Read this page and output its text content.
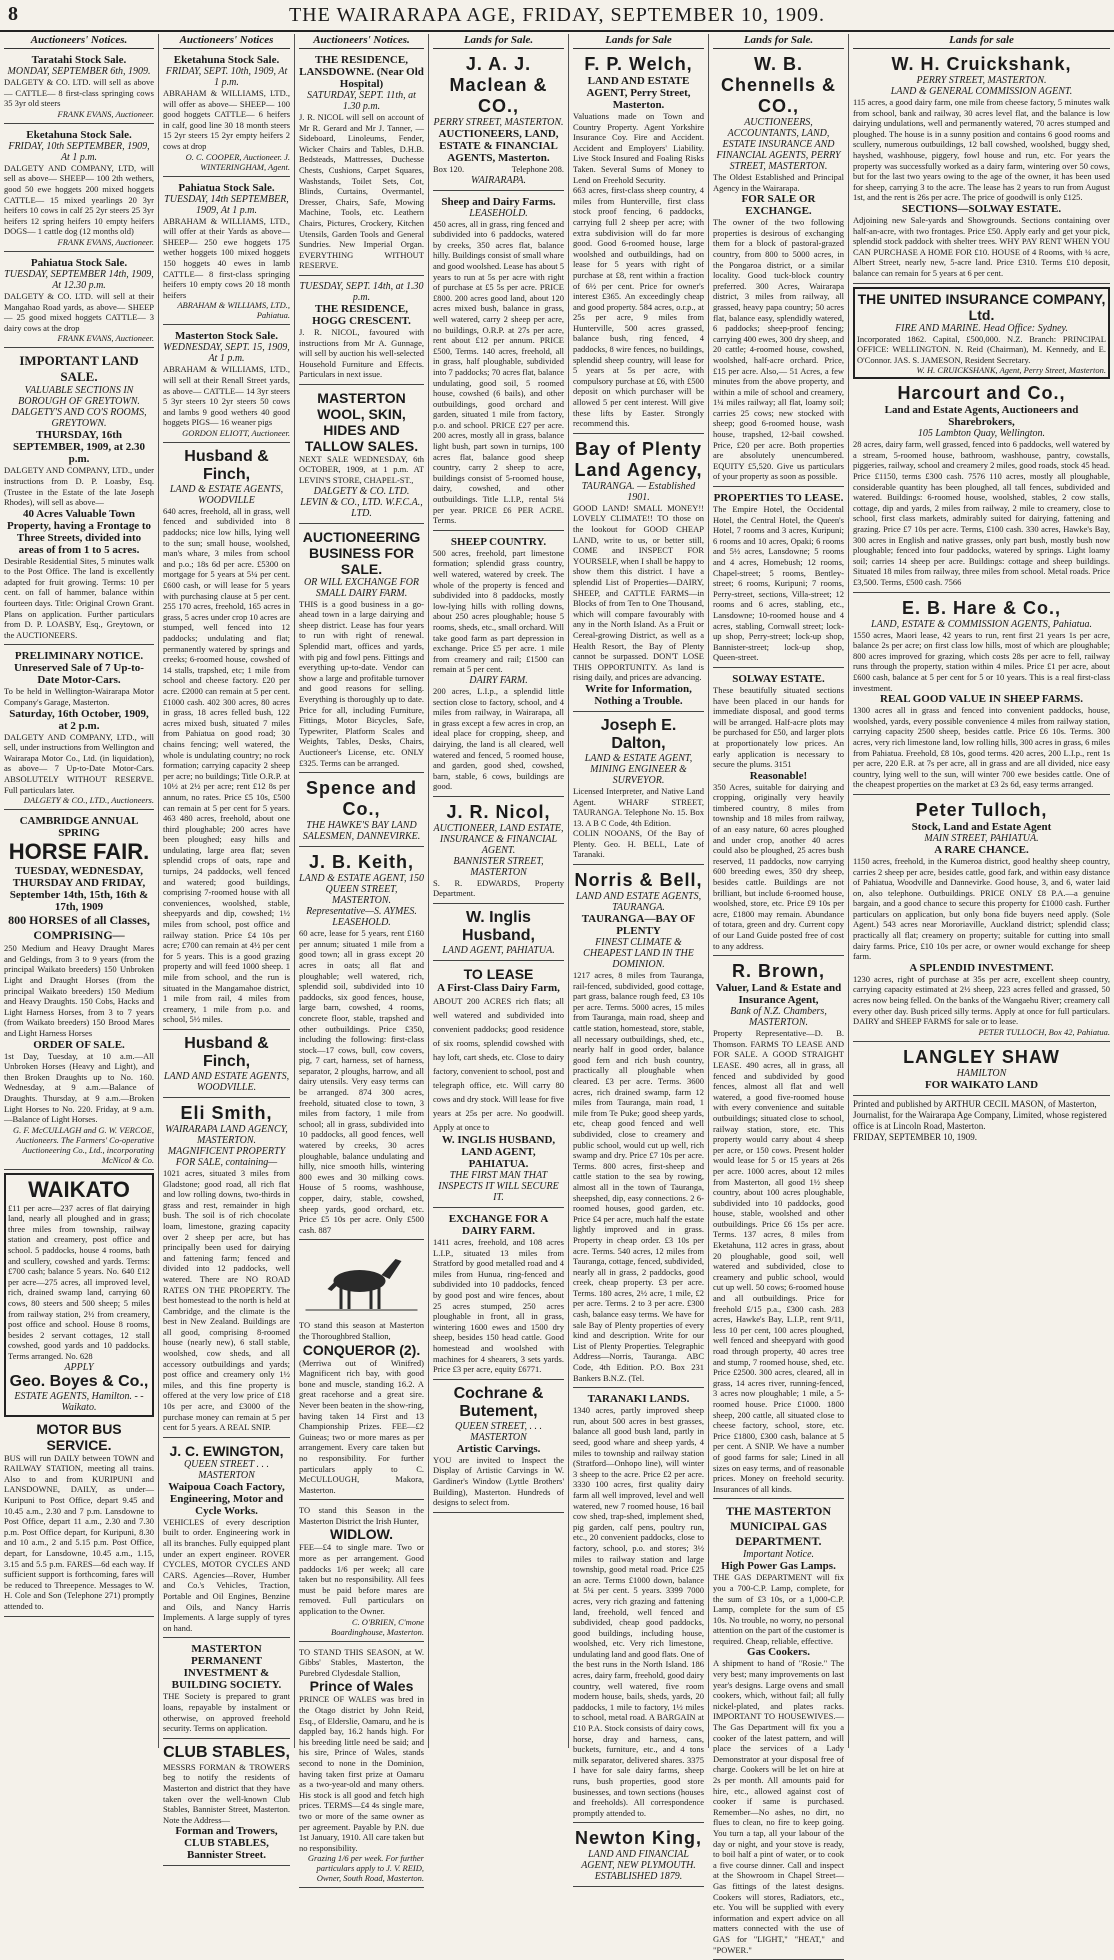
8	THE WAIRARAPA AGE, FRIDAY, SEPTEMBER 10, 1909.
Auctioneers' Notices.
Taratahi Stock Sale.
MONDAY, SEPTEMBER 6th, 1909.
DALGETY & CO. LTD. will sell as above— CATTLE— 8 first-class springing cows 35 3yr old steers
FRANK EVANS, Auctioneer.
Eketahuna Stock Sale.
FRIDAY, 10th SEPTEMBER, 1909, At 1 p.m.
DALGETY AND COMPANY, LTD, will sell as above— SHEEP— 100 2th wethers, good 50 ewe hoggets 200 mixed hoggets CATTLE— 15 mixed yearlings 20 3yr heifers 10 cows in calf 25 2yr steers 25 3yr heifers 12 spring heifers 10 empty heifers DOGS— 1 cattle dog (12 months old)
FRANK EVANS, Auctioneer.
Pahiatua Stock Sale.
TUESDAY, SEPTEMBER 14th, 1909, At 12.30 p.m.
DALGETY & CO. LTD. will sell at their Mangahao Road yards, as above— SHEEP— 25 good mixed hoggets CATTLE— 3 dairy cows at the drop
FRANK EVANS, Auctioneer.
IMPORTANT LAND SALE.
VALUABLE SECTIONS IN BOROUGH OF GREYTOWN.
DALGETY'S AND CO'S ROOMS, GREYTOWN.
THURSDAY, 16th SEPTEMBER, 1909, at 2.30 p.m.
DALGETY AND COMPANY, LTD., under instructions from D. P. Loasby, Esq. (Trustee in the Estate of the late Joseph Rhodes), will sell as above—
40 Acres Valuable Town Property, having a Frontage to Three Streets, divided into areas of from 1 to 5 acres.
Desirable Residential Sites, 5 minutes walk to the Post Office. The land is excellently adapted for fruit growing. Terms: 10 per cent. on fall of hammer, balance within fourteen days. Title: Original Crown Grant. Plans on application. Further particulars from D. P. LOASBY, Esq., Greytown, or the AUCTIONEERS.
PRELIMINARY NOTICE.
Unreserved Sale of 7 Up-to-Date Motor-Cars.
To be held in Wellington-Wairarapa Motor Company's Garage, Masterton.
Saturday, 16th October, 1909, at 2 p.m.
DALGETY AND COMPANY, LTD., will sell, under instructions from Wellington and Wairarapa Motor Co., Ltd. (in liquidation), as above— 7 Up-to-Date Motor-Cars. ABSOLUTELY WITHOUT RESERVE. Full particulars later.
DALGETY & CO., LTD., Auctioneers.
CAMBRIDGE ANNUAL SPRING
HORSE FAIR.
TUESDAY, WEDNESDAY, THURSDAY AND FRIDAY, September 14th, 15th, 16th & 17th, 1909
800 HORSES of all Classes, COMPRISING—
250 Medium and Heavy Draught Mares and Geldings, from 3 to 9 years (from the principal Waikato breeders) 150 Unbroken Light and Draught Horses (from the principal Waikato breeders) 150 Medium and Heavy Draughts. 150 Cobs, Hacks and Light Harness Horses, from 3 to 7 years (from Waikato breeders) 150 Brood Mares and Light Harness Horses
ORDER OF SALE.
1st Day, Tuesday, at 10 a.m.—All Unbroken Horses (Heavy and Light), and then Broken Draughts up to No. 160. Wednesday, at 9 a.m.—Balance of Draughts. Thursday, at 9 a.m.—Broken Light Horses to No. 220. Friday, at 9 a.m.—Balance of Light Horses.
G. F. McCULLAGH and G. W. VERCOE, Auctioneers. The Farmers' Co-operative Auctioneering Co., Ltd., incorporating McNicol & Co.
WAIKATO
£11 per acre—237 acres of flat dairying land, nearly all ploughed and in grass; three miles from township, railway station and creamery, post office and school. 5 paddocks, house 4 rooms, bath and scullery, cowshed and yards. Terms: £700 cash; balance 5 years. No. 640 £12 per acre—275 acres, all improved level, rich, drained swamp land, carrying 60 cows, 80 steers and 500 sheep; 5 miles from railway station, 2½ from creamery, post office and school. House 8 rooms, besides 2 servant cottages, 12 stall cowshed, good yards and 10 paddocks. Terms arranged. No. 628
APPLY
Geo. Boyes & Co.,
ESTATE AGENTS, Hamilton. - - Waikato.
MOTOR BUS SERVICE.
BUS will run DAILY between TOWN and RAILWAY STATION, meeting all trains. Also to and from KURIPUNI and LANSDOWNE, DAILY, as under— Kuripuni to Post Office, depart 9.45 and 10.45 a.m., 2.30 and 7 p.m. Lansdowne to Post Office, depart 11 a.m., 2.30 and 7.30 p.m. Post Office depart, for Kuripuni, 8.30 and 10 a.m., 2 and 5.15 p.m. Post Office, depart, for Lansdowne, 10.45 a.m., 1.15, 3.15 and 5.5 p.m. FARES—6d each way. If sufficient support is forthcoming, fares will be reduced to Threepence. Messages to W. H. Cole and Son (Telephone 271) promptly attended to.
Auctioneers' Notices
Eketahuna Stock Sale.
FRIDAY, SEPT. 10th, 1909, At 1 p.m.
ABRAHAM & WILLIAMS, LTD., will offer as above— SHEEP— 100 good hoggets CATTLE— 6 heifers in calf, good line 30 18 month steers 15 2yr steers 15 2yr empty heifers 2 cows at drop
O. C. COOPER, Auctioneer. J. WINTERINGHAM, Agent.
Pahiatua Stock Sale.
TUESDAY, 14th SEPTEMBER, 1909, At 1 p.m.
ABRAHAM & WILLIAMS, LTD., will offer at their Yards as above— SHEEP— 250 ewe hoggets 175 wether hoggets 100 mixed hoggets 150 hoggets 40 ewes in lamb CATTLE— 8 first-class springing heifers 10 empty cows 20 18 month heifers
ABRAHAM & WILLIAMS, LTD., Pahiatua.
Masterton Stock Sale.
WEDNESDAY, SEPT. 15, 1909, At 1 p.m.
ABRAHAM & WILLIAMS, LTD., will sell at their Renall Street yards, as above— CATTLE— 14 3yr steers 5 3yr steers 10 2yr steers 50 cows and lambs 9 good wethers 40 good hoggets PIGS— 16 weaner pigs
GORDON ELIOTT, Auctioneer.
Husband & Finch,
LAND & ESTATE AGENTS, WOODVILLE
640 acres, freehold, all in grass, well fenced and subdivided into 8 paddocks; nice low hills, lying well to the sun; small house, woolshed, man's whare, 3 miles from school and p.o.; 18s 6d per acre. £5300 on mortgage for 5 years at 5¼ per cent. £600 cash, or will lease for 5 years with purchasing clause at 5 per cent. 255 170 acres, freehold, 165 acres in grass, 5 acres under crop 10 acres are stumped, well fenced into 12 paddocks; undulating and flat; permanently watered by springs and creeks; 6-roomed house, cowshed of 14 stalls, trapshed, etc; 1 mile from school and cheese factory. £20 per acre. £2000 can remain at 5 per cent. £1000 cash. 402 300 acres, 80 acres in grass, 18 acres felled bush, 122 acres mixed bush, situated 7 miles from Pahiatua on good road; 30 chains fencing; well watered, the whole is undulating country; no rock formation; carrying capacity 2 sheep per acre; no buildings; Title O.R.P. at 10½ at 2½ per acre; rent £12 8s per annum, no rates. Price £5 10s, £500 can remain at 5 per cent for 5 years. 463 480 acres, freehold, about one third ploughable; 200 acres have been ploughed; easy hills and undulating, large area flat; seven splendid crops of oats, rape and turnips, 24 paddocks, well fenced and watered; good buildings, comprising 7-roomed house with all conveniences, woolshed, stable, sheepyards and dip, cowshed; 1½ miles from school, post office and railway station. Price £4 10s per acre; £700 can remain at 4½ per cent for 5 years. This is a good grazing property and will feed 1000 sheep. 1 mile from school, and the run is situated in the Mangamahoe district, 1 mile from rail, 4 miles from creamery, 1 mile from p.o. and school, 5½ miles.
Husband & Finch,
LAND AND ESTATE AGENTS, WOODVILLE.
Eli Smith,
WAIRARAPA LAND AGENCY, MASTERTON.
MAGNIFICENT PROPERTY FOR SALE, containing—
1021 acres, situated 3 miles from Gladstone; good road, all rich flat and low rolling downs, two-thirds in grass and rest, remainder in high bush. The soil is of rich chocolate loam, limestone, grazing capacity over 2 sheep per acre, but has principally been used for dairying and fattening farm; fenced and divided into 12 paddocks, well watered. There are NO ROAD RATES ON THE PROPERTY. The best homestead to the north is held at Cambridge, and the climate is the best in New Zealand. Buildings are all good, comprising 8-roomed house (nearly new), 6 stall stable, woolshed, cow sheds, and all accessory outbuildings and yards; post office and creamery only 1½ miles, and this fine property is offered at the very low price of £18 10s per acre, and £3000 of the purchase money can remain at 5 per cent for 5 years. A REAL SNIP.
J. C. EWINGTON,
QUEEN STREET . . . MASTERTON
Waipoua Coach Factory, Engineering, Motor and Cycle Works.
VEHICLES of every description built to order. Engineering work in all its branches. Fully equipped plant under an expert engineer. ROVER CYCLES, MOTOR CYCLES AND CARS. Agencies—Rover, Humber and Co.'s Vehicles, Traction, Portable and Oil Engines, Benzine and Oils, and Nancy Harris Implements. A large supply of tyres on hand.
MASTERTON PERMANENT INVESTMENT & BUILDING SOCIETY.
THE Society is prepared to grant loans, repayable by instalment or otherwise, on approved freehold security. Terms on application.
CLUB STABLES,
MESSRS FORMAN & TROWERS beg to notify the residents of Masterton and district that they have taken over the well-known Club Stables, Bannister Street, Masterton. Note the Address—
Forman and Trowers, CLUB STABLES, Bannister Street.
Auctioneers' Notices.
THE RESIDENCE, LANSDOWNE. (Near Old Hospital)
SATURDAY, SEPT. 11th, at 1.30 p.m.
J. R. NICOL will sell on account of Mr R. Gerard and Mr J. Tanner, —Sideboard, Linoleums, Fender, Wicker Chairs and Tables, D.H.B. Bedsteads, Mattresses, Duchesse Chests, Cushions, Carpet Squares, Washstands, Toilet Sets, Cot, Blinds, Curtains, Overmantel, Dresser, Chairs, Safe, Mowing Machine, Tools, etc. Leathern Chairs, Pictures, Crockery, Kitchen Utensils, Garden Tools and General Sundries. New Imperial Organ. EVERYTHING WITHOUT RESERVE.
TUESDAY, SEPT. 14th, at 1.30 p.m.
THE RESIDENCE, HOGG CRESCENT.
J. R. NICOL, favoured with instructions from Mr A. Gunnage, will sell by auction his well-selected Household Furniture and Effects. Particulars in next issue.
MASTERTON WOOL, SKIN, HIDES AND TALLOW SALES.
NEXT SALE WEDNESDAY, 6th OCTOBER, 1909, at 1 p.m. AT LEVIN'S STORE, CHAPEL-ST.,
DALGETY & CO. LTD. LEVIN & CO., LTD. W.F.C.A., LTD.
AUCTIONEERING BUSINESS FOR SALE.
OR WILL EXCHANGE FOR SMALL DAIRY FARM.
THIS is a good business in a go-ahead town in a large dairying and sheep district. Lease has four years to run with right of renewal. Splendid mart, offices and yards, with pig and fowl pens. Fittings and everything up-to-date. Vendor can show a large and profitable turnover and good reasons for selling. Everything is thoroughly up to date. Price for all, including Furniture, Fittings, Motor Bicycles, Safe, Typewriter, Platform Scales and Weights, Tables, Desks, Chairs, Auctioneer's License, etc. ONLY £325. Terms can be arranged.
Spence and Co.,
THE HAWKE'S BAY LAND SALESMEN, DANNEVIRKE.
J. B. Keith,
LAND & ESTATE AGENT, 150 QUEEN STREET, MASTERTON.
Representative—S. AYMES. LEASEHOLD.
60 acre, lease for 5 years, rent £160 per annum; situated 1 mile from a good town; all in grass except 20 acres in oats; all flat and ploughable; well watered, rich, splendid soil, subdivided into 10 paddocks, six good fences, house, large barn, cowshed, 4 rooms, concrete floor, stable, trapshed and other outbuildings. Price £350, including the following: first-class stock—17 cows, bull, cow covers, pig, 7 cart, harness, set of harness, separator, 2 ploughs, harrow, and all dairy utensils. Very easy terms can be arranged. 874 300 acres, freehold, situated close to town, 3 miles from factory, 1 mile from school; all in grass, subdivided into 10 paddocks, all good fences, well watered by creeks, 30 acres ploughable, balance undulating and hilly, nice smooth hills, wintering 800 ewes and 30 milking cows. House of 5 rooms, washhouse, copper, dairy, stable, cowshed, sheep yards, good orchard, etc. Price £5 10s per acre. Only £500 cash. 887
TO stand this season at Masterton the Thoroughbred Stallion,
CONQUEROR (2).
(Merriwa out of Winifred) Magnificent rich bay, with good bone and muscle, standing 16.2. A great racehorse and a great sire. Never been beaten in the show-ring, having taken 14 First and 13 Championship Prizes. FEE—£2 Guineas; two or more mares as per arrangement. Every care taken but no responsibility. For further particulars apply to C. McCULLOUGH, Makora, Masterton.
TO stand this Season in the Masterton District the Irish Hunter,
WIDLOW.
FEE—£4 to single mare. Two or more as per arrangement. Good paddocks 1/6 per week; all care taken but no responsibility. All fees must be paid before mares are removed. Full particulars on application to the Owner.
C. O'BRIEN, C'mone Boardinghouse, Masterton.
TO STAND THIS SEASON, at W. Gibbs' Stables, Masterton, the Purebred Clydesdale Stallion,
Prince of Wales
PRINCE OF WALES was bred in the Otago district by John Reid, Esq., of Elderslie, Oamaru, and he is dappled bay, 16.2 hands high. For his breeding little need be said; and his sire, Prince of Wales, stands second to none in the Dominion, having taken first prize at Oamaru as a two-year-old and many others. His stock is all good and fetch high prices. TERMS—£4 4s single mare, two or more of the same owner as per agreement. Payable by P.N. due 1st January, 1910. All care taken but no responsibility.
Grazing 1/6 per week. For further particulars apply to J. V. REID, Owner, South Road, Masterton.
Lands for Sale.
J. A. J. Maclean & CO.,
PERRY STREET, MASTERTON.
AUCTIONEERS, LAND, ESTATE & FINANCIAL AGENTS, Masterton.
Box 120.	Telephone 208.
WAIRARAPA.
Sheep and Dairy Farms.
LEASEHOLD.
450 acres, all in grass, ring fenced and subdivided into 6 paddocks, watered by creeks, 350 acres flat, balance hilly. Buildings consist of small whare and good woolshed. Lease has about 5 years to run at 5s per acre with right of purchase at £5 5s per acre. PRICE £800. 200 acres good land, about 120 acres mixed bush, balance in grass, well watered, carry 2 sheep per acre, no buildings, O.R.P. at 27s per acre, rent about £12 per annum. PRICE £500, Terms. 140 acres, freehold, all in grass, half ploughable, subdivided into 7 paddocks; 70 acres flat, balance undulating, good soil, 5 roomed house, cowshed (6 bails), and other outbuildings, good orchard and garden, situated 1 mile from factory, p.o. and school. PRICE £27 per acre. 200 acres, mostly all in grass, balance light bush, part sown in turnips, 100 acres flat, balance good sheep country, carry 2 sheep to acre, buildings consist of 5-roomed house, dairy, cowshed, and other outbuildings. Title L.I.P., rental 5¼ per year. PRICE £6 PER ACRE. Terms.
SHEEP COUNTRY.
500 acres, freehold, part limestone formation; splendid grass country, well watered, watered by creek. The whole of the property is fenced and subdivided into 8 paddocks, mostly low-lying hills with rolling downs, about 250 acres ploughable; house 5 rooms, sheds, etc., small orchard. Will take good farm as part depression in exchange. Price £5 per acre. 1 mile from creamery and rail; £1500 can remain at 5 per cent.
DAIRY FARM.
200 acres, L.I.p., a splendid little section close to factory, school, and 4 miles from railway, in Wairarapa, all in grass except a few acres in crop, an ideal place for cropping, sheep, and dairying, the land is all cleared, well watered and fenced, 5 roomed house, and garden, good shed, cowshed, barn, stable, 6 cows, buildings are good.
J. R. Nicol,
AUCTIONEER, LAND ESTATE, INSURANCE & FINANCIAL AGENT.
BANNISTER STREET, MASTERTON
S. R. EDWARDS, Property Department.
W. Inglis Husband,
LAND AGENT, PAHIATUA.
TO LEASE
A First-Class Dairy Farm,
ABOUT 200 ACRES rich flats; all well watered and subdivided into convenient paddocks; good residence of six rooms, splendid cowshed with hay loft, cart sheds, etc. Close to dairy factory, convenient to school, post and telegraph office, etc. Will carry 80 cows and dry stock. Will lease for five years at 25s per acre. No goodwill. Apply at once to
W. INGLIS HUSBAND, LAND AGENT, PAHIATUA.
THE FIRST MAN THAT INSPECTS IT WILL SECURE IT.
EXCHANGE FOR A DAIRY FARM.
1411 acres, freehold, and 108 acres L.I.P., situated 13 miles from Stratford by good metalled road and 4 miles from Hunua, ring-fenced and subdivided into 10 paddocks, fenced by good post and wire fences, about 25 acres stumped, 250 acres ploughable in front, all in grass, wintering 1600 ewes and 1500 dry sheep, besides 150 head cattle. Good homestead and woolshed with machines for 4 shearers, 3 sets yards. Price £3 per acre, equity £6771.
Cochrane & Butement,
QUEEN STREET, . . . MASTERTON
Artistic Carvings.
YOU are invited to Inspect the Display of Artistic Carvings in W. Gardiner's Window (Lyttle Brothers' Building), Masterton. Hundreds of designs to select from.
Lands for Sale
F. P. Welch,
LAND AND ESTATE AGENT, Perry Street, Masterton.
Valuations made on Town and Country Property. Agent Yorkshire Insurance Coy. Fire and Accident. Accident and Employers' Liability. Live Stock Insured and Foaling Risks Taken. Several Sums of Money to Lend on Freehold Security.
663 acres, first-class sheep country, 4 miles from Hunterville, first class stock proof fencing, 6 paddocks, carrying full 2 sheep per acre; with extra subdivision will do far more good. Good 6-roomed house, large woolshed and outbuildings, had on lease for 5 years with right of purchase at £8, rent within a fraction of 6½ per cent. Price for owner's interest £365. An exceedingly cheap and good property. 584 acres, o.r.p., at 25s per acre, 9 miles from Hunterville, 500 acres grassed, balance bush, ring fenced, 4 paddocks, 8 wire fences, no buildings, splendid sheep country, will lease for 5 years at 5s per acre, with compulsory purchase at £6, with £500 deposit on which purchaser will be allowed 5 per cent interest. Will give these lifts by Easter. Strongly recommend this.
Bay of Plenty Land Agency,
TAURANGA. — Established 1901.
GOOD LAND! SMALL MONEY!! LOVELY CLIMATE!! TO those on the lookout for GOOD CHEAP LAND, write to us, or better still, COME and INSPECT FOR YOURSELF, when I shall be happy to show them this district. I have a splendid List of Properties—DAIRY, SHEEP, and CATTLE FARMS—in Blocks of from Ten to One Thousand, which will compare favourably with any in the North Island. As a Fruit or Cereal-growing District, as well as a Health Resort, the Bay of Plenty cannot be surpassed. DON'T LOSE THIS OPPORTUNITY. As land is rising daily, and prices are advancing.
Write for Information, Nothing a Trouble.
Joseph E. Dalton,
LAND & ESTATE AGENT, MINING ENGINEER & SURVEYOR.
Licensed Interpreter, and Native Land Agent. WHARF STREET, TAURANGA. Telephone No. 15. Box 13. A B C Code, 4th Edition.
COLIN NOOANS, Of the Bay of Plenty. Geo. H. BELL, Late of Taranaki.
Norris & Bell,
LAND AND ESTATE AGENTS, TAURANGA.
TAURANGA—BAY OF PLENTY
FINEST CLIMATE & CHEAPEST LAND IN THE DOMINION.
1217 acres, 8 miles from Tauranga, rail-fenced, subdivided, good cottage, part grass, balance rough feed, £3 10s per acre. Terms. 5000 acres, 15 miles from Tauranga, main road, sheep and cattle station, homestead, store, stable, all necessary outbuildings, shed, etc., nearly half in good order, balance good fern and rich bush country, practically all ploughable when cleared. £3 per acre. Terms. 3600 acres, rich drained swamp, farm 12 miles from Tauranga, main road, 1 mile from Te Puke; good sheep yards, etc, cheap good fenced and well subdivided, close to creamery and public school, would cut up well, rich swamp and dry. Price £7 10s per acre. Terms. 800 acres, first-sheep and cattle station to the sea by rowing, almost all in the town of Tauranga, sheepshed, dip, easy connections. 2 6-roomed houses, good garden, etc. Price £4 per acre, much half the estate lightly improved and in grass. Property in cheap order. £3 10s per acre. Terms. 540 acres, 12 miles from Tauranga, cottage, fenced, subdivided, nearly all in grass, 2 paddocks, good creek, cheap property. £3 per acre. Terms. 180 acres, 2½ acre, 1 mile, £2 per acre. Terms. 2 to 3 per acre. £300 cash, balance easy terms. We have for sale Bay of Plenty properties of every kind and description. Write for our List of Plenty Properties. Telegraphic Address—Norris, Tauranga. ABC Code, 4th Edition. P.O. Box 231 Bankers B.N.Z. (Tel.
TARANAKI LANDS.
1340 acres, partly improved sheep run, about 500 acres in best grasses, balance all good bush land, partly in seed, good whare and sheep yards, 4 miles to township and railway station (Stratford—Onhopo line), will winter 3 sheep to the acre. Price £2 per acre. 3330 100 acres, first quality dairy farm all well improved, level and well watered, new 7 roomed house, 16 bail cow shed, trap-shed, implement shed, pig garden, calf pens, poultry run, etc., 20 convenient paddocks, close to factory, school, p.o. and stores; 3½ miles to railway station and large township, good metal road. Price £25 an acre. Terms £1000 down, balance at 5¼ per cent. 5 years. 3399 7000 acres, very rich grazing and fattening land, freehold, well fenced and subdivided, cheap good paddocks, good buildings, including house, woolshed, etc. Very rich limestone, undulating land and good flats. One of the best runs in the North Island. 186 acres, dairy farm, freehold, good dairy country, well watered, five room modern house, bails, sheds, yards, 20 paddocks, 1 mile to factory, 1½ miles to school, metal road. A BARGAIN at £10 P.A. Stock consists of dairy cows, horse, dray and harness, cans, buckets, furniture, etc., and 4 tons milk separator, delivered shares. 3375 I have for sale dairy farms, sheep runs, bush properties, good store businesses, and town sections (houses and freeholds). All correspondence promptly attended to.
Newton King,
LAND AND FINANCIAL AGENT, NEW PLYMOUTH.
ESTABLISHED 1879.
Lands for Sale.
W. B. Chennells & CO.,
AUCTIONEERS, ACCOUNTANTS, LAND, ESTATE INSURANCE AND FINANCIAL AGENTS, PERRY STREET, MASTERTON.
The Oldest Established and Principal Agency in the Wairarapa.
FOR SALE OR EXCHANGE.
The owner of the two following properties is desirous of exchanging them for a block of pastoral-grazed country, from 800 to 5000 acres, in the Pongaroa district, or a similar locality. Good tuck-block country preferred. 300 Acres, Wairarapa district, 3 miles from railway, all grassed, heavy papa country; 50 acres flat, balance easy, splendidly watered, 6 paddocks; sheep-proof fencing; carrying 400 ewes, 300 dry sheep, and 20 cattle; 4-roomed house, cowshed, woolshed, half-acre orchard. Price, £15 per acre. Also,— 51 Acres, a few minutes from the above property, and within a mile of school and creamery, 1¼ miles railway; all flat, loamy soil; carries 25 cows; new stocked with sheep; good 6-roomed house, wash house, trapshed, 12-bail cowshed. Price, £20 per acre. Both properties are absolutely unencumbered. EQUITY £5,520. Give us particulars of your property as soon as possible.
PROPERTIES TO LEASE.
The Empire Hotel, the Occidental Hotel, the Central Hotel, the Queen's Hotel, 7 rooms and 3 acres, Kuripuni; 6 rooms and 10 acres, Opaki; 6 rooms and 5½ acres, Lansdowne; 5 rooms and 4 acres, Homebush; 12 rooms, Chapel-street; 5 rooms, Bentley-street; 6 rooms, Kuripuni; 7 rooms, Perry-street, sections, Villa-street; 12 rooms and 6 acres, stabling, etc., Lansdowne; 10-roomed house and 4 acres, stabling, Cornwall street; lock-up shop, Perry-street; lock-up shop, Bannister-street; lock-up shop, Queen-street.
SOLWAY ESTATE.
These beautifully situated sections have been placed in our hands for immediate disposal, and good terms will be arranged. Half-acre plots may be purchased for £50, and larger plots at proportionately low prices. An early application is necessary to secure the plums. 3151
Reasonable!
350 Acres, suitable for dairying and cropping, originally very heavily timbered country, 8 miles from township and 18 miles from railway, of an easy nature, 60 acres ploughed and under crop, another 40 acres could also be ploughed, 25 acres bush reserved, 11 paddocks, now carrying 600 breeding ewes, 350 dry sheep, besides cattle. Buildings are not brilliant, but include 6-roomed house, woolshed, store, etc. Price £9 10s per acre, £1800 may remain. Abundance of totara, green and dry. Current copy of our Land Guide posted free of cost to any address.
R. Brown,
Valuer, Land & Estate and Insurance Agent,
Bank of N.Z. Chambers, MASTERTON.
Property Representative—D. B. Thomson. FARMS TO LEASE AND FOR SALE. A GOOD STRAIGHT LEASE. 490 acres, all in grass, all fenced and subdivided by good fences, almost all flat and well watered, a good five-roomed house with every convenience and suitable outbuildings; situated close to school, railway station, store, etc. This property would carry about 4 sheep per acre, or 150 cows. Present holder would lease for 5 or 15 years at 26s per acre. 1000 acres, about 12 miles from Masterton, all good 1½ sheep country, about 100 acres ploughable, subdivided into 10 paddocks, good house, stable, woolshed and other outbuildings. Price £6 15s per acre. Terms. 137 acres, 8 miles from Eketahuna, 112 acres in grass, about 20 ploughable, good soil, well watered and subdivided, close to creamery and public school, would cut up well. 50 cows; 6-roomed house and all outbuildings. Price for freehold £/15 p.a., £300 cash. 283 acres, Hawke's Bay, L.I.P., rent 9/11, less 10 per cent, 100 acres ploughed, well fenced and sheepyard with good road through property, 40 acres tree and stump, 7 roomed house, shed, etc. Price £2500. 300 acres, cleared, all in grass, 14 acres river, running-fenced, 3 acres now ploughable; 1 mile, a 5-roomed house. Price £1000. 1800 sheep, 200 cattle, all situated close to cheese factory, school, store, etc. Price £1800, £300 cash, balance at 5 per cent. A SNIP. We have a number of good farms for sale; Lined in all sizes on easy terms, and of reasonable prices. Money on freehold security. Insurances of all kinds.
THE MASTERTON MUNICIPAL GAS DEPARTMENT.
Important Notice.
High Power Gas Lamps.
THE GAS DEPARTMENT will fix you a 700-C.P. Lamp, complete, for the sum of £3 10s, or a 1,000-C.P. Lamp, complete for the sum of £5 10s. No trouble, no worry, no personal attention on the part of the customer is required. Cheap, reliable, effective.
Gas Cookers.
A shipment to hand of "Rosie." The very best; many improvements on last year's designs. Large ovens and small cookers, which, without fail; all fully nickel-plated, and plates racks. IMPORTANT TO HOUSEWIVES.—The Gas Department will fix you a cooker of the latest pattern, and will place the services of a Lady Demonstrator at your disposal free of charge. Cookers will be let on hire at 2s per month. All amounts paid for hire, etc., allowed against cost of cooker if same is purchased. Remember—No ashes, no dirt, no flues to clean, no fire to keep going. You turn a tap, all your labour of the day or night, and your stove is ready, to boil half a pint of water, or to cook a five course dinner. Call and inspect at the Showroom in Chapel Street—Gas fittings of the latest designs. Cookers will stores, Radiators, etc., etc. You will be supplied with every information and expert advice on all matters connected with the use of GAS for "LIGHT," "HEAT," and "POWER."
Lands for sale
W. H. Cruickshank,
PERRY STREET, MASTERTON.
LAND & GENERAL COMMISSION AGENT.
115 acres, a good dairy farm, one mile from cheese factory, 5 minutes walk from school, bank and railway, 30 acres level flat, and the balance is low dairying undulations, well and permanently watered, 70 acres stumped and ploughed. The house is in a sunny position and contains 6 good rooms and scullery, numerous outbuildings, 12 ball cowshed, woolshed, buggy shed, hayshed, washhouse, piggery, fowl house and run, etc. For years the property was successfully worked as a dairy farm, wintering over 50 cows, but for the last two years owing to the age of the owner, it has been used for sheep, carrying 3 to the acre. The lease has 2 years to run from August 1st, and the rent is 26s per acre. The price of goodwill is only £125.
SECTIONS—SOLWAY ESTATE.
Adjoining new Sale-yards and Showgrounds. Sections containing over half-an-acre, with two frontages. Price £50. Apply early and get your pick, splendid stock paddock with shelter trees. WHY PAY RENT WHEN YOU CAN PURCHASE A HOME FOR £10. HOUSE of 4 Rooms, with ¼ acre, Albert Street, nearly new, 5-acre land. Price £310. Terms £10 deposit, balance can remain for 5 years at 6 per cent.
THE UNITED INSURANCE COMPANY, Ltd.
FIRE AND MARINE. Head Office: Sydney.
Incorporated 1862. Capital, £500,000. N.Z. Branch: PRINCIPAL OFFICE: WELLINGTON. N. Reid (Chairman), M. Kennedy, and E. O'Connor. JAS. S. JAMESON, Resident Secretary.
W. H. CRUICKSHANK, Agent, Perry Street, Masterton.
Harcourt and Co.,
Land and Estate Agents, Auctioneers and Sharebrokers,
105 Lambton Quay, Wellington.
28 acres, dairy farm, well grassed, fenced into 6 paddocks, well watered by a stream, 5-roomed house, bathroom, washhouse, pantry, cowstalls, piggeries, railway, school and creamery 2 miles, good roads, stock 45 head. Price £1150, terms £300 cash. 7576 110 acres, mostly all ploughable, considerable quantity has been ploughed, all tall fences, subdivided and watered. Buildings: 6-roomed house, woolshed, stables, 2 cow stalls, cottage, dip and yards, 2 miles from railway, 2 mile to creamery, close to school, first class markets, admirably suited for dairying, fattening and grazing. Price £7 10s per acre. Terms, £100 cash. 330 acres, Hawke's Bay, 300 acres in English and native grasses, only part bush, mostly bush now ploughable; fenced into four paddocks, watered by springs. Light loamy soil; carries 14 sheep per acre. Buildings: cottage and sheep buildings. Situated 18 miles from railway, three miles from school. Metal roads. Price £3,500. Terms, £500 cash. 7566
E. B. Hare & Co.,
LAND, ESTATE & COMMISSION AGENTS, Pahiatua.
1550 acres, Maori lease, 42 years to run, rent first 21 years 1s per acre, balance 2s per acre; on first class low hills, most of which are ploughable; 800 acres improved for grazing, which costs 28s per acre to fell, railway runs through the property, station within 4 miles. Price £1 per acre, about £600 cash, balance at 5 per cent for 5 or 10 years. This is a real first-class investment.
REAL GOOD VALUE IN SHEEP FARMS.
1300 acres all in grass and fenced into convenient paddocks, house, woolshed, yards, every possible convenience 4 miles from railway station, carrying capacity 2500 sheep, besides cattle. Price £6 10s. Terms. 300 acres, very rich limestone land, low rolling hills, 300 acres in grass, 6 miles from Pahiatua. Freehold, £8 10s, good terms. 420 acres, 200 L.I.p., rent 1s per acre, 220 E.R. at 7s per acre, all in grass and are all divided, nice easy country, lying well to the sun, will winter 700 ewe besides cattle. One of the cheapest properties on the market at £3 2s 6d, easy terms arranged.
Peter Tulloch,
Stock, Land and Estate Agent
MAIN STREET, PAHIATUA.
A RARE CHANCE.
1150 acres, freehold, in the Kumeroa district, good healthy sheep country, carries 2 sheep per acre, besides cattle, good fark, and within easy distance of Pahiatua, Woodville and Dannevirke. Good house, 3, and 6, water laid on, also telephone. Outbuildings. PRICE ONLY £8 P.A.—a genuine bargain, and a good chance to secure this property for £1000 cash. Further particulars on application, but only bona fide buyers need apply. (Sole Agent.) 543 acres near Mororiaville, Auckland district; splendid class; practically all flat; creamery on property; suitable for cutting into small dairy farms. Price, £10 10s per acre, or owner would exchange for sheep farm.
A SPLENDID INVESTMENT.
1230 acres, right of purchase at 35s per acre, excellent sheep country, carrying capacity estimated at 2½ sheep, 223 acres felled and grassed, 50 acres now being felled. On the banks of the Wangaehu River; creamery call every other day. Bush priced silly terms. Apply at once for full particulars. DAIRY and SHEEP FARMS for sale or to lease.
PETER TULLOCH, Box 42, Pahiatua.
LANGLEY SHAW
HAMILTON
FOR WAIKATO LAND
Printed and published by ARTHUR CECIL MASON, of Masterton, Journalist, for the Wairarapa Age Company, Limited, whose registered office is at Lincoln Road, Masterton.
FRIDAY, SEPTEMBER 10, 1909.
